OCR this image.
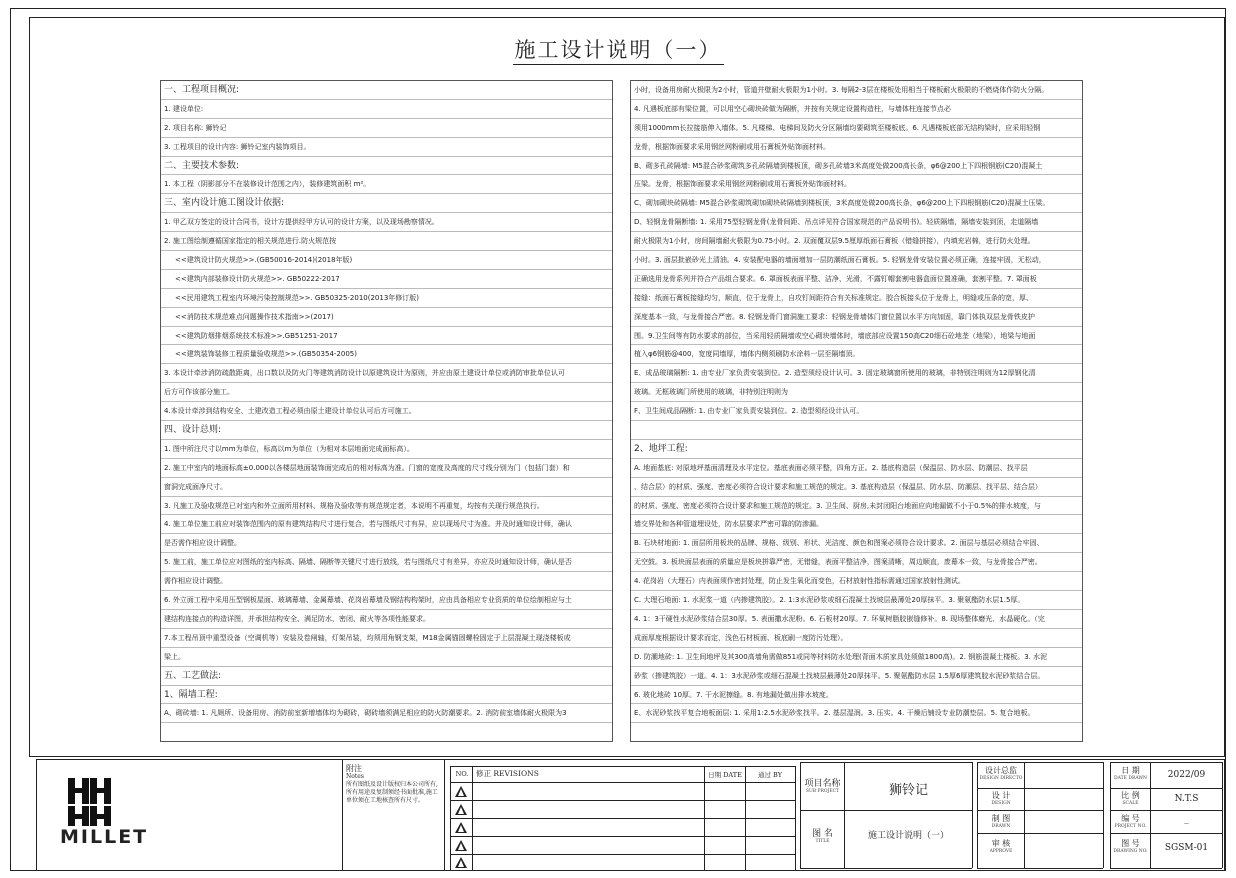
施工设计说明（一）
一、工程项目概况:
1. 建设单位:
2. 项目名称: 狮铃记
3. 工程项目的设计内容: 狮铃记室内装饰项目。
二、主要技术参数:
1. 本工程（阴影部分不在装修设计范围之内），装修建筑面积 m²。
三、室内设计施工图设计依据:
1. 甲乙双方签定的设计合同书，设计方提供经甲方认可的设计方案，以及现场勘察情况。
2. 施工图绘制遵循国家指定的相关规范进行.防火规范按
<<建筑设计防火规范>>.(GB50016-2014)(2018年版)
<<建筑内部装修设计防火规范>>. GB50222-2017
<<民用建筑工程室内环境污染控制规范>>. GB50325-2010(2013年修订版)
<<消防技术规范难点问题操作技术指南>>(2017)
<<建筑防烟排烟系统技术标准>>.GB51251-2017
<<建筑装饰装修工程质量验收规范>>.(GB50354-2005)
3. 本设计牵涉消防疏散距离，出口数以及防火门等建筑消防设计以原建筑设计为原则，并应由原土建设计单位或消防审批单位认可
后方可作该部分施工。
4.本设计牵涉到结构安全、土建改造工程必须由原土建设计单位认可后方可施工。
四、设计总则:
1. 图中所注尺寸以mm为单位，标高以m为单位（为相对本层地面完成面标高）。
2. 施工中室内的地面标高±0.000以各楼层地面装饰面完成后的相对标高为准。门窗的宽度及高度的尺寸线分别为门（包括门套）和
窗洞完成面净尺寸。
3. 凡施工及验收规范已对室内和外立面所用材料、规格及验收等有规范规定者，本说明不再重复，均按有关现行规范执行。
4. 施工单位施工前应对装饰范围内的原有建筑结构尺寸进行复合，若与图纸尺寸有异，应以现场尺寸为准。并及时通知设计师，确认
是否需作相应设计调整。
5. 施工前，施工单位应对图纸的室内标高、隔墙、隔断等关键尺寸进行放线，若与图纸尺寸有差异，亦应及时通知设计师，确认是否
需作相应设计调整。
6. 外立面工程中采用压型钢板屋面、玻璃幕墙、金属幕墙、花岗岩幕墙及钢结构构架时，应由具备相应专业资质的单位绘制相应与土
建结构连接点的构造详图，并承担结构安全、满足防水、密闭、耐火等各项性能要求。
7.本工程吊顶中重型设备（空调机等）安装及卷闸轴，灯架吊装，均须用角钢支架，M18金属锚固螺栓固定于上层混凝土现浇楼板或
梁上。
五、工艺做法:
1、隔墙工程:
A、砌砖墙: 1. 凡厕所、设备用房、消防前室新增墙体均为砌砖，砌砖墙须满足相应的防火防潮要求。2. 消防前室墙体耐火极限为3
小时，设备用房耐火极限为2小时，管道井壁耐火极限为1小时。3. 每隔2-3层在楼板处用相当于楼板耐火极限的不燃烧体作防火分隔。
4. 凡遇板底部有梁位置，可以用空心砌块砖做为隔断，并按有关规定设置构造柱，与墙体柱连接节点必
须用1000mm长拉接筋伸入墙体。5. 凡楼梯、电梯间及防火分区隔墙均要砌筑至楼板底。6. 凡遇楼板底部无结构梁时，应采用轻钢
龙骨，根据饰面要求采用钢丝网粉刷或用石膏板外贴饰面材料。
B、砌多孔砖隔墙: M5混合砂浆砌筑多孔砖隔墙到楼板顶，砌多孔砖墙3米高度处做200高长条，φ6@200上下四根钢筋(C20)混凝土
压梁。龙骨，根据饰面要求采用钢丝网粉刷或用石膏板外贴饰面材料。
C、砌加砌块砖隔墙: M5混合砂浆砌筑砌加砌块砖隔墙到楼板顶，3米高度处做200高长条，φ6@200上下四根钢筋(C20)混凝土压梁。
D、轻钢龙骨隔断墙: 1. 采用75型轻钢龙骨(龙骨间距、吊点详见符合国家规范的产品说明书)。轻质隔墙，隔墙安装到顶，走道隔墙
耐火极限为1小时，房间隔墙耐火极限为0.75小时。2. 双面覆双层9.5厘厚纸面石膏板（错缝拼接），内填充岩棉，进行防火处理。
小时。3. 面层批嵌砂光上清油。4. 安装配电器的墙面增加一层防潮纸面石膏板。5. 轻钢龙骨安装位置必须正确，连接牢固，无松动，
正确选用龙骨系列并符合产品组合要求。6. 罩面板表面平整、洁净、光滑，不露钉帽套割电器盒面位置准确，套割平整。7. 罩面板
接缝：纸面石膏板接缝均匀，顺直，位于龙骨上，自攻钉间距符合有关标准规定。胶合板接头位于龙骨上，明缝或压条的宽，厚、
深度基本一致，与龙骨接合严密。8. 轻钢龙骨门窗洞施工要求：轻钢龙骨墙体门窗位置以水平方向加固，靠门体执双层龙骨铁皮护
围。9.卫生间等有防水要求的部位，当采用轻质隔墙或空心砌块墙体时，墙底部应设置150高C20细石砼地垄（地梁），地梁与地面
植入φ6钢筋@400，宽度同墙厚，墙体内侧须刷防水涂料一层至隔墙顶。
E、成品玻璃隔断: 1. 由专业厂家负责安装到位。2. 造型须经设计认可。3. 固定玻璃窗所使用的玻璃，非特别注明则为12厚钢化清
玻璃。无框玻璃门所使用的玻璃，非特别注明则为
F、卫生间成品隔断: 1. 由专业厂家负责安装到位。2. 造型须经设计认可。
2、地坪工程:
A. 地面基底: 对原地坪基面清理及水平定位。基底表面必须平整，四角方正。2. 基底构造层（保温层、防水层、防潮层、找平层
、结合层）的材质、强度、密度必须符合设计要求和施工规范的规定。3. 基底构造层（保温层、防水层、防潮层、找平层、结合层）
的材质、强度、密度必须符合设计要求和施工规范的规定。3. 卫生间、厨房,未封闭阳台地面应向地漏做不小于0.5%的排水坡度，与
墙交界处和各种管道埋设处，防水层要求严密可靠的防渗漏。
B. 石块材地面: 1. 面层所用板块的品牌、规格、级别、形状、光洁度、颜色和图案必须符合设计要求。2. 面层与基层必须结合牢固、
无空鼓。3. 板块面层表面的质量应是板块拼靠严密，无错缝，表面平整洁净，图案清晰，周边顺直，废幕本一致，与龙骨接合严密。
4. 花岗岩（大理石）内表面须作密封处理，防止发生氧化而变色，石材放射性指标需通过国家放射性测试。
C. 大理石地面: 1. 水泥浆一道（内掺建筑胶）。2. 1:3水泥砂浆或细石混凝土找坡层最薄处20厚抹平。3. 聚氨酯防水层1.5厚。
4. 1：3干硬性水泥砂浆结合层30厚。5. 表面撒水泥粉。6. 石板材20厚。7. 环氧树脂胶嵌缝修补。8. 现场整体磨光、水晶硬化。（完
成面厚度根据设计要求而定，浅色石材板面、板底刷一度防污处理）。
D. 防潮地砖: 1. 卫生间地坪及其300高墙角需做851或同等材料防水处理(背面木质家具处须做1800高)。2. 钢筋混凝土楼板。3. 水泥
砂浆（掺建筑胶）一道。4. 1：3水泥砂浆或细石混凝土找坡层最薄处20厚抹平。5. 聚氨酯防水层 1.5厚6厚建筑胶水泥砂浆结合层。
6. 玻化地砖 10厚。7. 干水泥擦缝。8. 有地漏处做出排水坡度。
E、水泥砂浆找平复合地板面层: 1. 采用1:2.5水泥砂浆找平。2. 基层湿润。3. 压实。4. 干燥后铺设专业防潮垫层。5. 复合地板。
MILLET
附注
Notes
所有图纸及设计版权归本公司所有,所有用途及复制须经书面批准,施工单位须在工地核查所有尺寸。
NO.	修正 REVISIONS	日期 DATE	通过 BY
项目名称
SUB PROJECT	狮铃记
图 名
TITLE
施工设计说明（一）
设计总监
DESIGN DIRECTO
设 计
DESIGN
制 图
DRAWN
审 核
APPROVE
日 期
DATE DRAWN	2022/09
比 例
SCALE	N.T.S
编 号
PROJECT NO.
_
图 号
DRAWING NO.	SGSM-01
